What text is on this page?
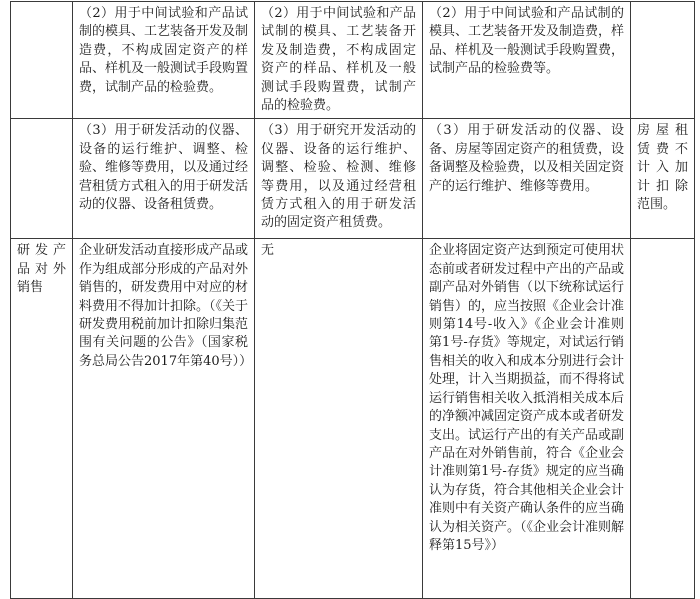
	（2）用于中间试验和产品试制的模具、工艺装备开发及制造费，不构成固定资产的样品、样机及一般测试手段购置费，试制产品的检验费。	（2）用于中间试验和产品试制的模具、工艺装备开发及制造费，不构成固定资产的样品、样机及一般测试手段购置费，试制产品的检验费。	（2）用于中间试验和产品试制的模具、工艺装备开发及制造费，样品、样机及一般测试手段购置费，试制产品的检验费等。	
	（3）用于研发活动的仪器、设备的运行维护、调整、检验、维修等费用，以及通过经营租赁方式租入的用于研发活动的仪器、设备租赁费。	（3）用于研究开发活动的仪器、设备的运行维护、调整、检验、检测、维修等费用，以及通过经营租赁方式租入的用于研发活动的固定资产租赁费。	（3）用于研发活动的仪器、设备、房屋等固定资产的租赁费，设备调整及检验费，以及相关固定资产的运行维护、维修等费用。	房屋租赁费不计入加计扣除范围。
研发产品对外销售	企业研发活动直接形成产品或作为组成部分形成的产品对外销售的，研发费用中对应的材料费用不得加计扣除。（《关于研发费用税前加计扣除归集范围有关问题的公告》（国家税务总局公告2017年第40号））	无	企业将固定资产达到预定可使用状态前或者研发过程中产出的产品或副产品对外销售（以下统称试运行销售）的，应当按照《企业会计准则第14号-收入》《企业会计准则第1号-存货》等规定，对试运行销售相关的收入和成本分别进行会计处理，计入当期损益，而不得将试运行销售相关收入抵消相关成本后的净额冲减固定资产成本或者研发支出。试运行产出的有关产品或副产品在对外销售前，符合《企业会计准则第1号-存货》规定的应当确认为存货，符合其他相关企业会计准则中有关资产确认条件的应当确认为相关资产。（《企业会计准则解释第15号》）	
